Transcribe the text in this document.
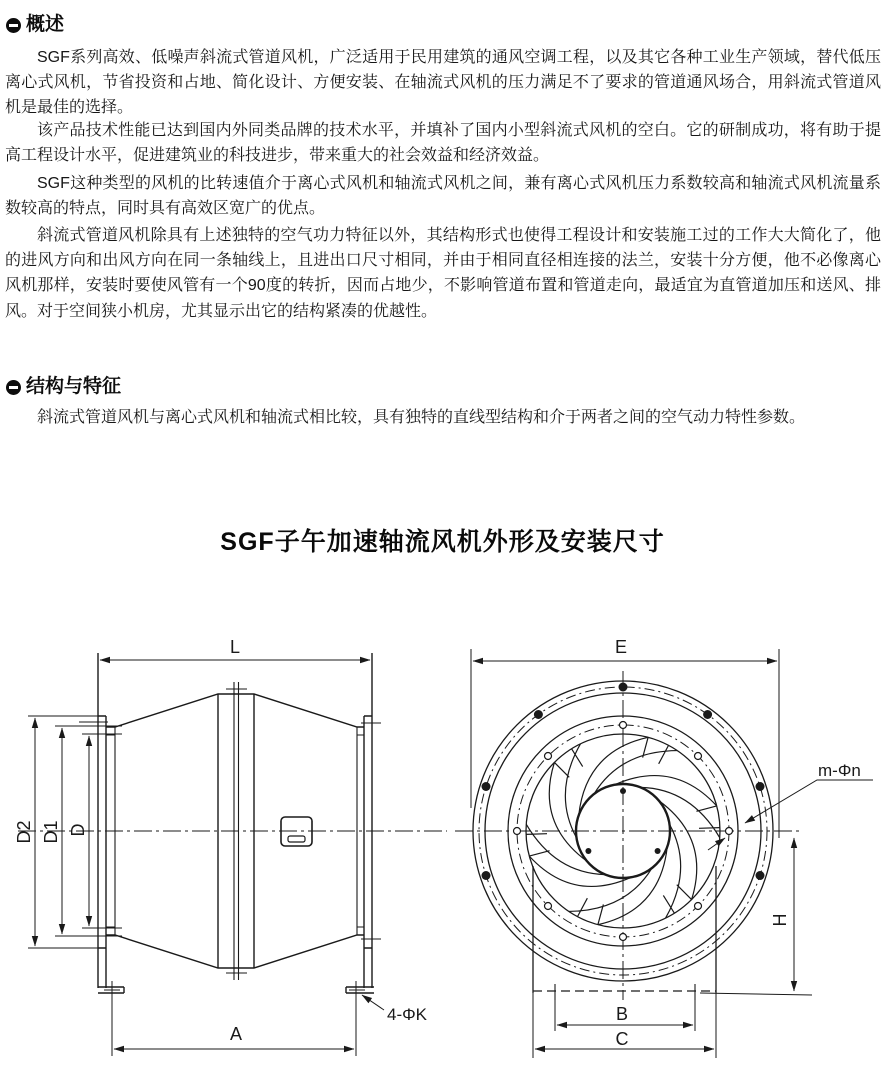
概述

SGF系列高效、低噪声斜流式管道风机，广泛适用于民用建筑的通风空调工程，以及其它各种工业生产领域，替代低压离心式风机，节省投资和占地、简化设计、方便安装、在轴流式风机的压力满足不了要求的管道通风场合，用斜流式管道风机是最佳的选择。

该产品技术性能已达到国内外同类品牌的技术水平，并填补了国内小型斜流式风机的空白。它的研制成功，将有助于提高工程设计水平，促进建筑业的科技进步，带来重大的社会效益和经济效益。

SGF这种类型的风机的比转速值介于离心式风机和轴流式风机之间，兼有离心式风机压力系数较高和轴流式风机流量系数较高的特点，同时具有高效区宽广的优点。

斜流式管道风机除具有上述独特的空气功力特征以外，其结构形式也使得工程设计和安装施工过的工作大大简化了，他的进风方向和出风方向在同一条轴线上，且进出口尺寸相同，并由于相同直径相连接的法兰，安装十分方便，他不必像离心风机那样，安装时要使风管有一个90度的转折，因而占地少，不影响管道布置和管道走向，最适宜为直管道加压和送风、排风。对于空间狭小机房，尤其显示出它的结构紧凑的优越性。

结构与特征

斜流式管道风机与离心式风机和轴流式相比较，具有独特的直线型结构和介于两者之间的空气动力特性参数。

SGF子午加速轴流风机外形及安装尺寸
L
D2 D1 D
A
4-ΦK
E
m-Φn
H
B
C
